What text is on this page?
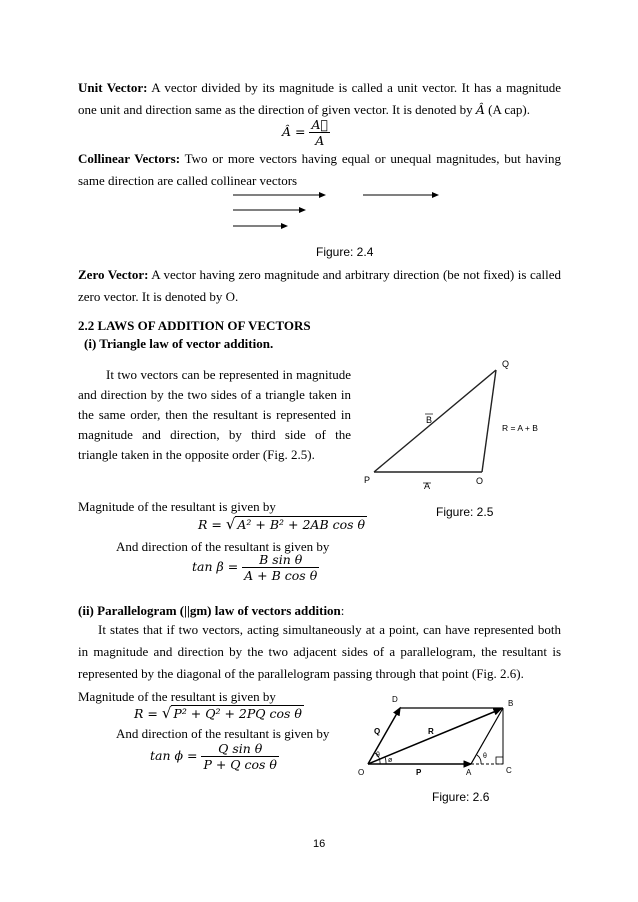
Unit Vector: A vector divided by its magnitude is called a unit vector. It has a magnitude one unit and direction same as the direction of given vector. It is denoted by Â (A cap).
Â = $\frac{A⃗}{A}$
Collinear Vectors: Two or more vectors having equal or unequal magnitudes, but having same direction are called collinear vectors
Figure: 2.4
Zero Vector: A vector having zero magnitude and arbitrary direction (be not fixed) is called zero vector. It is denoted by O.
2.2 LAWS OF ADDITION OF VECTORS
(i) Triangle law of vector addition.
It two vectors can be represented in magnitude and direction by the two sides of a triangle taken in the same order, then the resultant is represented in magnitude and direction, by third side of the triangle taken in the opposite order (Fig. 2.5).
Q
P	O
A
B
R = A + B
Magnitude of the resultant is given by
R = √ A² + B² + 2AB cos θ
And direction of the resultant is given by
$\tan \beta = \frac{\text{B sin θ}}{\text{A + B cos θ}}$
Figure: 2.5
(ii) Parallelogram (||gm) law of vectors addition:
It states that if two vectors, acting simultaneously at a point, can have represented both in magnitude and direction by the two adjacent sides of a parallelogram, the resultant is represented by the diagonal of the parallelogram passing through that point (Fig. 2.6).
Magnitude of the resultant is given by
R = √ P² + Q² + 2PQ cos θ
And direction of the resultant is given by
$\tan \phi = \frac{\text{Q sin θ}}{\text{P + Q cos θ}}$
D	B
O	P	A	C
Q	R
θ
ø
θ
Figure: 2.6
16
